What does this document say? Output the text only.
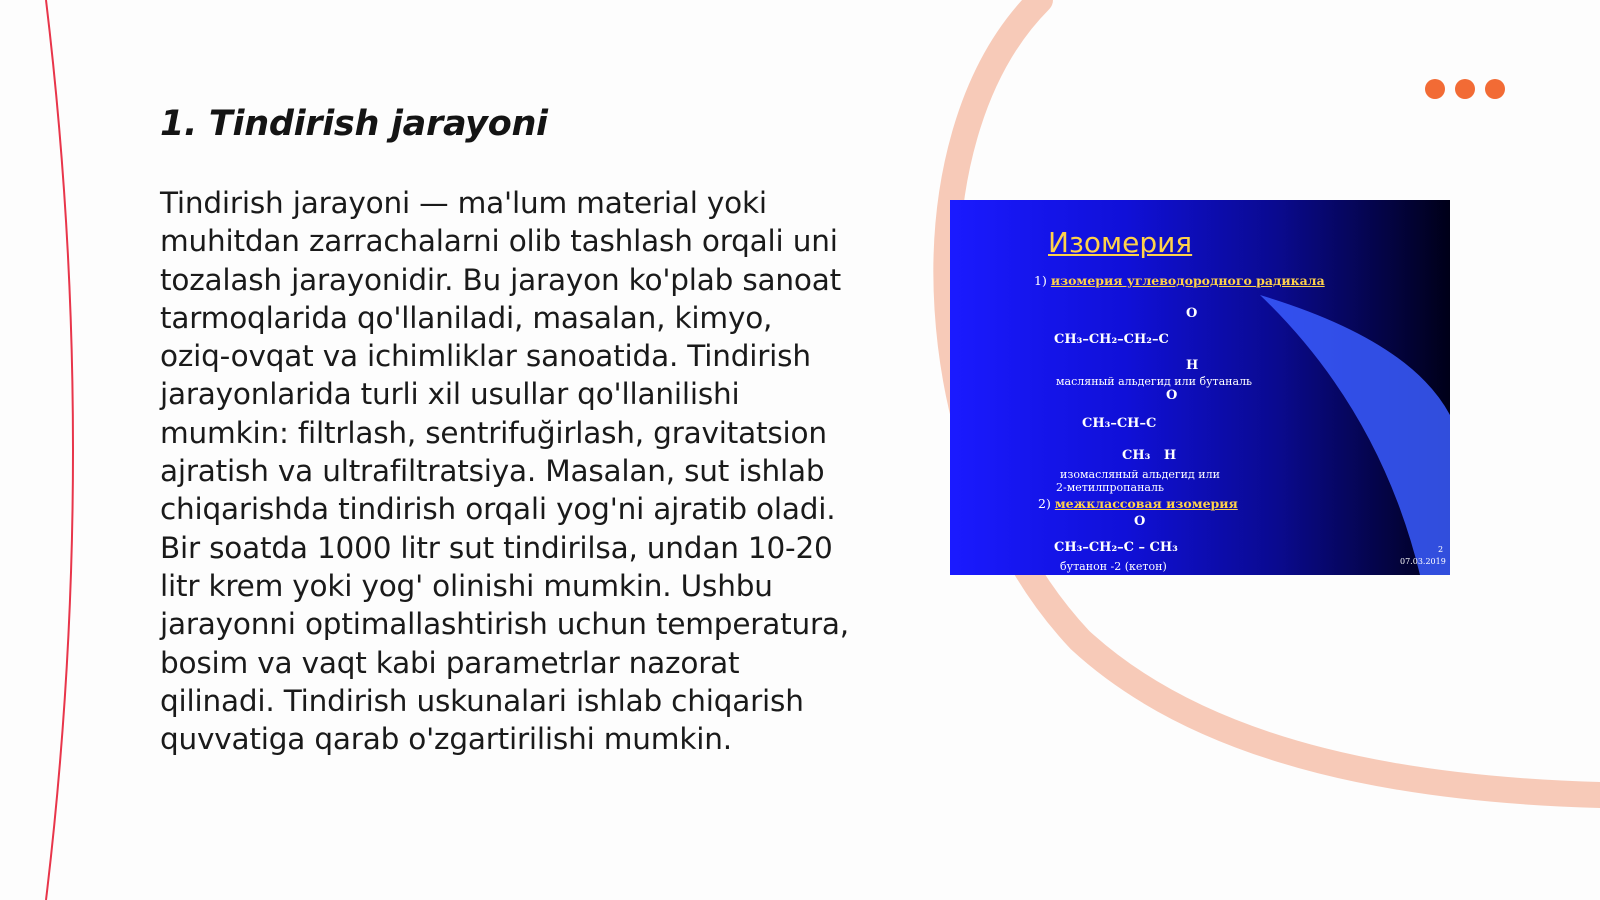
1. Tindirish jarayoni

Tindirish jarayoni — ma'lum material yoki muhitdan zarrachalarni olib tashlash orqali uni tozalash jarayonidir. Bu jarayon ko'plab sanoat tarmoqlarida qo'llaniladi, masalan, kimyo, oziq-ovqat va ichimliklar sanoatida. Tindirish jarayonlarida turli xil usullar qo'llanilishi mumkin: filtrlash, sentrifuğirlash, gravitatsion ajratish va ultrafiltratsiya. Masalan, sut ishlab chiqarishda tindirish orqali yog'ni ajratib oladi. Bir soatda 1000 litr sut tindirilsa, undan 10-20 litr krem yoki yog' olinishi mumkin. Ushbu jarayonni optimallashtirish uchun temperatura, bosim va vaqt kabi parametrlar nazorat qilinadi. Tindirish uskunalari ishlab chiqarish quvvatiga qarab o'zgartirilishi mumkin.

Изомерия
1) изомерия углеводородного радикала
O
CH₃–CH₂–CH₂–C
H
масляный альдегид или бутаналь
O
CH₃–CH–C
CH₃   H
изомасляный альдегид или
2-метилпропаналь
2) межклассовая изомерия
O
CH₃–CH₂–C – CH₃
бутанон -2 (кетон)
2
07.03.2019
